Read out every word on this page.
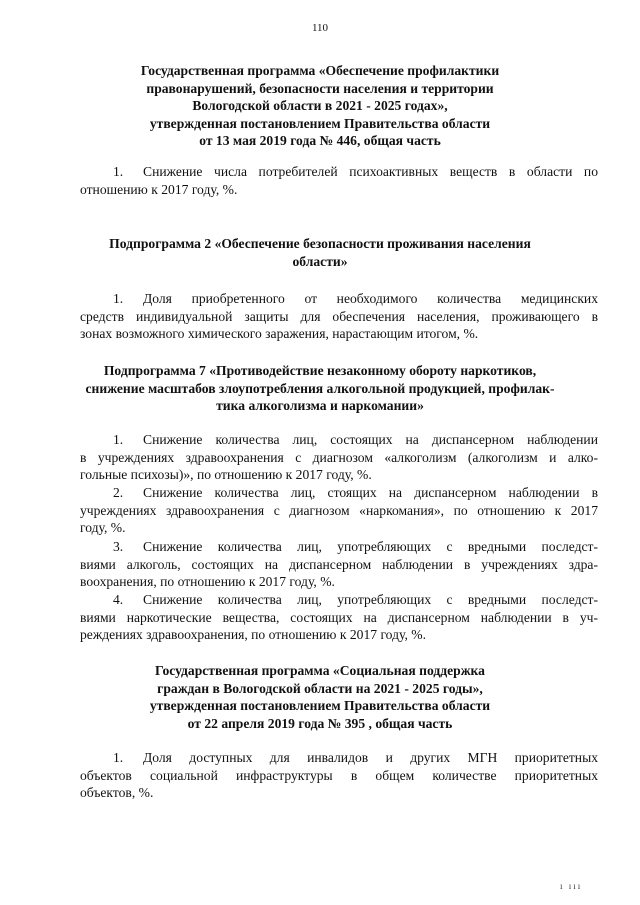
110
Государственная программа «Обеспечение профилактики
правонарушений, безопасности населения и территории
Вологодской области в 2021 - 2025 годах»,
утвержденная постановлением Правительства области
от 13 мая 2019 года № 446, общая часть
1. Снижение числа потребителей психоактивных веществ в области по
отношению к 2017 году, %.
Подпрограмма 2 «Обеспечение безопасности проживания населения
области»
1. Доля приобретенного от необходимого количества медицинских
средств индивидуальной защиты для обеспечения населения, проживающего в
зонах возможного химического заражения, нарастающим итогом, %.
Подпрограмма 7 «Противодействие незаконному обороту наркотиков,
снижение масштабов злоупотребления алкогольной продукцией, профилак-
тика алкоголизма и наркомании»
1. Снижение количества лиц, состоящих на диспансерном наблюдении
в учреждениях здравоохранения с диагнозом «алкоголизм (алкоголизм и алко-
гольные психозы)», по отношению к 2017 году, %.
2. Снижение количества лиц, стоящих на диспансерном наблюдении в
учреждениях здравоохранения с диагнозом «наркомания», по отношению к 2017
году, %.
3. Снижение количества лиц, употребляющих с вредными последст-
виями алкоголь, состоящих на диспансерном наблюдении в учреждениях здра-
воохранения, по отношению к 2017 году, %.
4. Снижение количества лиц, употребляющих с вредными последст-
виями наркотические вещества, состоящих на диспансерном наблюдении в уч-
реждениях здравоохранения, по отношению к 2017 году, %.
Государственная программа «Социальная поддержка
граждан в Вологодской области на 2021 - 2025 годы»,
утвержденная постановлением Правительства области
от 22 апреля 2019 года № 395 , общая часть
1. Доля доступных для инвалидов и других МГН приоритетных
объектов социальной инфраструктуры в общем количестве приоритетных
объектов, %.
ı ııı
